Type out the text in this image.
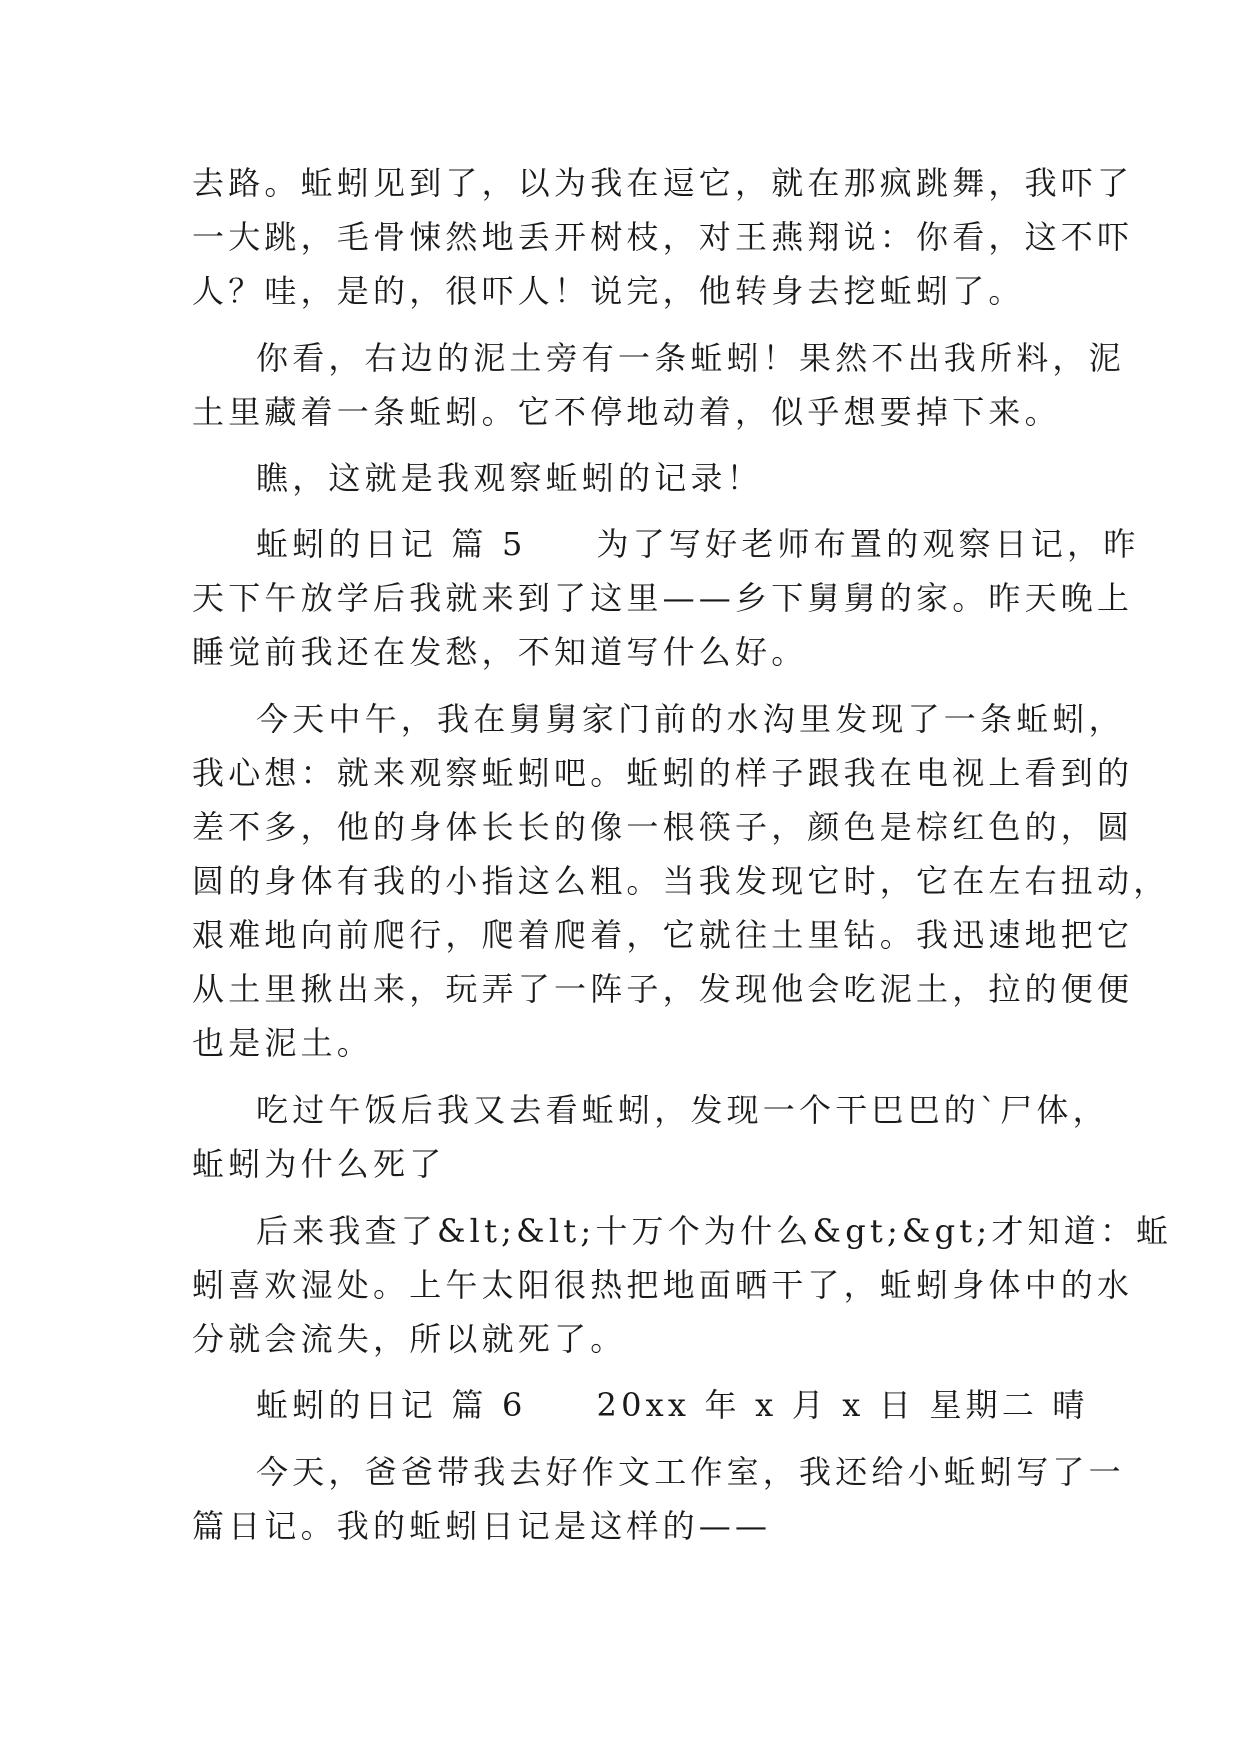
去路。蚯蚓见到了，以为我在逗它，就在那疯跳舞，我吓了
一大跳，毛骨悚然地丢开树枝，对王燕翔说：你看，这不吓
人？哇，是的，很吓人！说完，他转身去挖蚯蚓了。
你看，右边的泥土旁有一条蚯蚓！果然不出我所料，泥
土里藏着一条蚯蚓。它不停地动着，似乎想要掉下来。
瞧，这就是我观察蚯蚓的记录！
蚯蚓的日记 篇 5 为了写好老师布置的观察日记，昨
天下午放学后我就来到了这里——乡下舅舅的家。昨天晚上
睡觉前我还在发愁，不知道写什么好。
今天中午，我在舅舅家门前的水沟里发现了一条蚯蚓，
我心想：就来观察蚯蚓吧。蚯蚓的样子跟我在电视上看到的
差不多，他的身体长长的像一根筷子，颜色是棕红色的，圆
圆的身体有我的小指这么粗。当我发现它时，它在左右扭动，
艰难地向前爬行，爬着爬着，它就往土里钻。我迅速地把它
从土里揪出来，玩弄了一阵子，发现他会吃泥土，拉的便便
也是泥土。
吃过午饭后我又去看蚯蚓，发现一个干巴巴的`尸体，
蚯蚓为什么死了
后来我查了&lt;&lt;十万个为什么&gt;&gt;才知道：蚯
蚓喜欢湿处。上午太阳很热把地面晒干了，蚯蚓身体中的水
分就会流失，所以就死了。
蚯蚓的日记 篇 6 20xx 年 x 月 x 日 星期二 晴
今天，爸爸带我去好作文工作室，我还给小蚯蚓写了一
篇日记。我的蚯蚓日记是这样的——
